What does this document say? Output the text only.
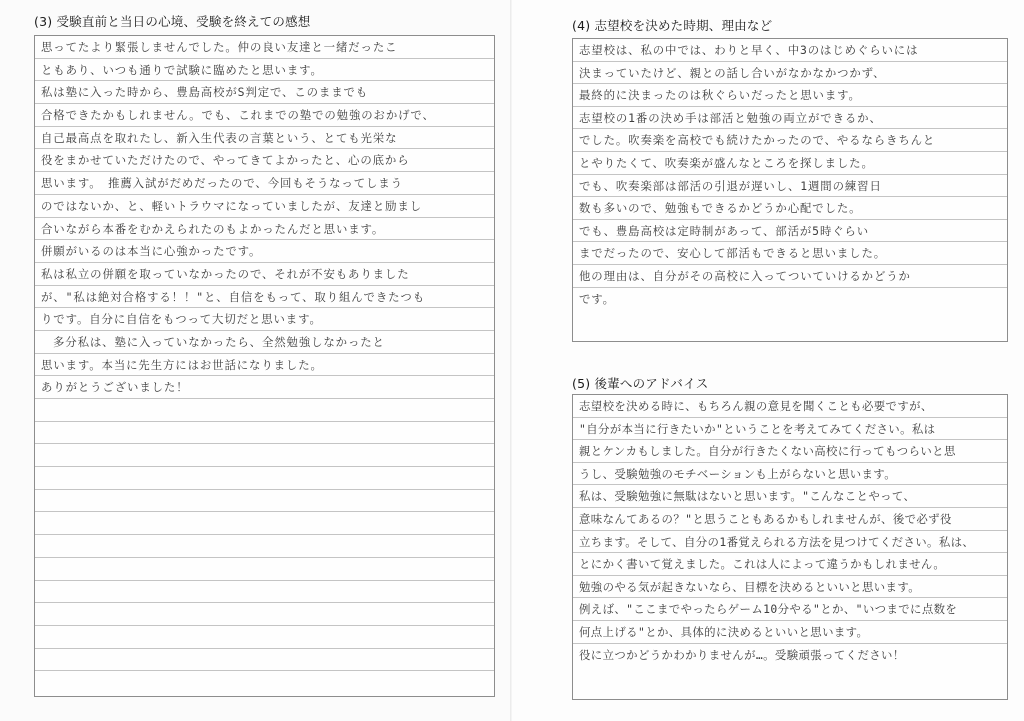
(3) 受験直前と当日の心境、受験を終えての感想
思ってたより緊張しませんでした。仲の良い友達と一緒だったこ
ともあり、いつも通りで試験に臨めたと思います。
私は塾に入った時から、豊島高校がS判定で、このままでも
合格できたかもしれません。でも、これまでの塾での勉強のおかげで、
自己最高点を取れたし、新入生代表の言葉という、とても光栄な
役をまかせていただけたので、やってきてよかったと、心の底から
思います。　推薦入試がだめだったので、今回もそうなってしまう
のではないか、と、軽いトラウマになっていましたが、友達と励まし
合いながら本番をむかえられたのもよかったんだと思います。
併願がいるのは本当に心強かったです。
私は私立の併願を取っていなかったので、それが不安もありました
が、"私は絶対合格する！！"と、自信をもって、取り組んできたつも
りです。自分に自信をもつって大切だと思います。
多分私は、塾に入っていなかったら、全然勉強しなかったと
思います。本当に先生方にはお世話になりました。
ありがとうございました！
(4) 志望校を決めた時期、理由など
志望校は、私の中では、わりと早く、中3のはじめぐらいには
決まっていたけど、親との話し合いがなかなかつかず、
最終的に決まったのは秋ぐらいだったと思います。
志望校の1番の決め手は部活と勉強の両立ができるか、
でした。吹奏楽を高校でも続けたかったので、やるならきちんと
とやりたくて、吹奏楽が盛んなところを探しました。
でも、吹奏楽部は部活の引退が遅いし、1週間の練習日
数も多いので、勉強もできるかどうか心配でした。
でも、豊島高校は定時制があって、部活が5時ぐらい
までだったので、安心して部活もできると思いました。
他の理由は、自分がその高校に入ってついていけるかどうか
です。
(5) 後輩へのアドバイス
志望校を決める時に、もちろん親の意見を聞くことも必要ですが、
"自分が本当に行きたいか"ということを考えてみてください。私は
親とケンカもしました。自分が行きたくない高校に行ってもつらいと思
うし、受験勉強のモチベーションも上がらないと思います。
私は、受験勉強に無駄はないと思います。"こんなことやって、
意味なんてあるの？"と思うこともあるかもしれませんが、後で必ず役
立ちます。そして、自分の1番覚えられる方法を見つけてください。私は、
とにかく書いて覚えました。これは人によって違うかもしれません。
勉強のやる気が起きないなら、目標を決めるといいと思います。
例えば、"ここまでやったらゲーム10分やる"とか、"いつまでに点数を
何点上げる"とか、具体的に決めるといいと思います。
役に立つかどうかわかりませんが…。受験頑張ってください！
